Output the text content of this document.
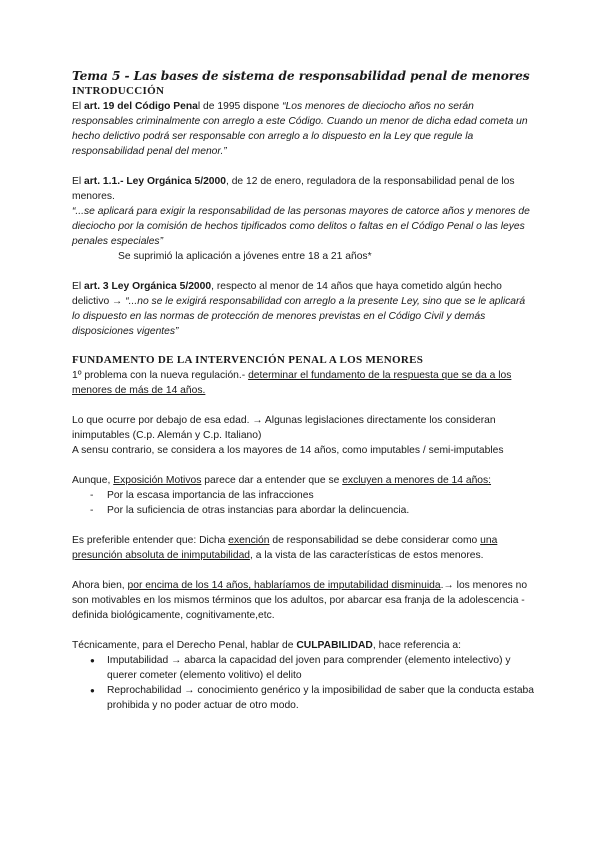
Tema 5 - Las bases de sistema de responsabilidad penal de menores
INTRODUCCIÓN

El art. 19 del Código Penal de 1995 dispone “Los menores de dieciocho años no serán responsables criminalmente con arreglo a este Código. Cuando un menor de dicha edad cometa un hecho delictivo podrá ser responsable con arreglo a lo dispuesto en la Ley que regule la responsabilidad penal del menor.”

El art. 1.1.- Ley Orgánica 5/2000, de 12 de enero, reguladora de la responsabilidad penal de los menores.

“...se aplicará para exigir la responsabilidad de las personas mayores de catorce años y menores de dieciocho por la comisión de hechos tipificados como delitos o faltas en el Código Penal o las leyes penales especiales”

Se suprimió la aplicación a jóvenes entre 18 a 21 años*

El art. 3 Ley Orgánica 5/2000, respecto al menor de 14 años que haya cometido algún hecho delictivo → “...no se le exigirá responsabilidad con arreglo a la presente Ley, sino que se le aplicará lo dispuesto en las normas de protección de menores previstas en el Código Civil y demás disposiciones vigentes”

FUNDAMENTO DE LA INTERVENCIÓN PENAL A LOS MENORES

1º problema con la nueva regulación.- determinar el fundamento de la respuesta que se da a los menores de más de 14 años.

Lo que ocurre por debajo de esa edad. → Algunas legislaciones directamente los consideran inimputables (C.p. Alemán y C.p. Italiano)

A sensu contrario, se considera a los mayores de 14 años, como imputables / semi-imputables

Aunque, Exposición Motivos parece dar a entender que se excluyen a menores de 14 años:

- Por la escasa importancia de las infracciones
- Por la suficiencia de otras instancias para abordar la delincuencia.

Es preferible entender que: Dicha exención de responsabilidad se debe considerar como una presunción absoluta de inimputabilidad, a la vista de las características de estos menores.

Ahora bien, por encima de los 14 años, hablaríamos de imputabilidad disminuida.→ los menores no son motivables en los mismos términos que los adultos, por abarcar esa franja de la adolescencia -definida biológicamente, cognitivamente,etc.

Técnicamente, para el Derecho Penal, hablar de CULPABILIDAD, hace referencia a:

● Imputabilidad → abarca la capacidad del joven para comprender (elemento intelectivo) y querer cometer (elemento volitivo) el delito
● Reprochabilidad → conocimiento genérico y la imposibilidad de saber que la conducta estaba prohibida y no poder actuar de otro modo.
